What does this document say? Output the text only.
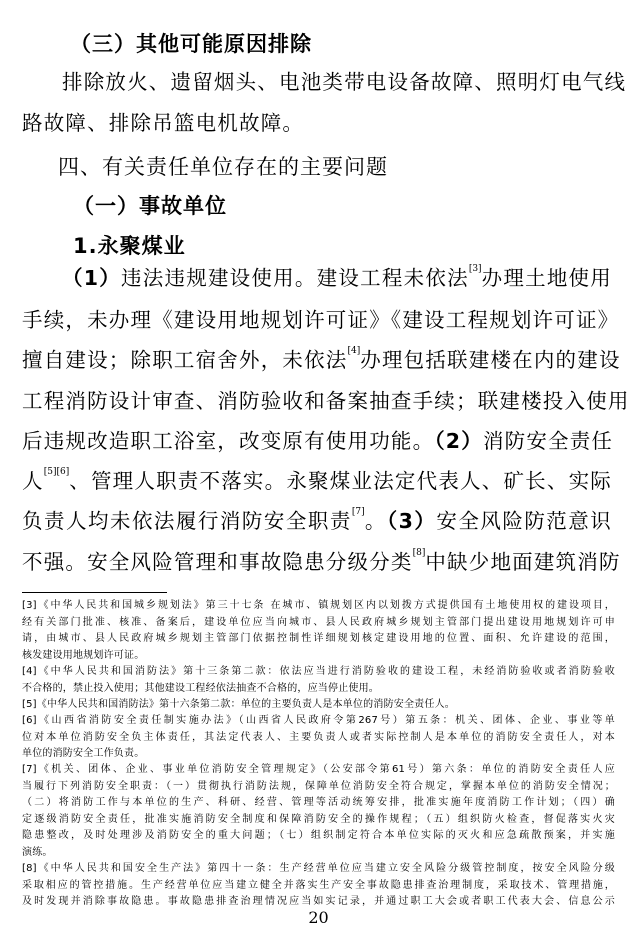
（三）其他可能原因排除
排除放火、遗留烟头、电池类带电设备故障、照明灯电气线
路故障、排除吊篮电机故障。
四、有关责任单位存在的主要问题
（一）事故单位
1.永聚煤业
（1）违法违规建设使用。建设工程未依法[3]办理土地使用
手续，未办理《建设用地规划许可证》《建设工程规划许可证》
擅自建设；除职工宿舍外，未依法[4]办理包括联建楼在内的建设
工程消防设计审查、消防验收和备案抽查手续；联建楼投入使用
后违规改造职工浴室，改变原有使用功能。（2）消防安全责任
人[5][6]、管理人职责不落实。永聚煤业法定代表人、矿长、实际
负责人均未依法履行消防安全职责[7]。（3）安全风险防范意识
不强。安全风险管理和事故隐患分级分类[8]中缺少地面建筑消防
[3]《中华人民共和国城乡规划法》第三十七条 在城市、镇规划区内以划拨方式提供国有土地使用权的建设项目，
经有关部门批准、核准、备案后，建设单位应当向城市、县人民政府城乡规划主管部门提出建设用地规划许可申
请，由城市、县人民政府城乡规划主管部门依据控制性详细规划核定建设用地的位置、面积、允许建设的范围，
核发建设用地规划许可证。
[4]《中华人民共和国消防法》第十三条第二款：依法应当进行消防验收的建设工程，未经消防验收或者消防验收
不合格的，禁止投入使用；其他建设工程经依法抽查不合格的，应当停止使用。
[5]《中华人民共和国消防法》第十六条第二款：单位的主要负责人是本单位的消防安全责任人。
[6]《山西省消防安全责任制实施办法》（山西省人民政府令第267号）第五条：机关、团体、企业、事业等单
位对本单位消防安全负主体责任，其法定代表人、主要负责人或者实际控制人是本单位的消防安全责任人，对本
单位的消防安全工作负责。
[7]《机关、团体、企业、事业单位消防安全管理规定》（公安部令第61号）第六条：单位的消防安全责任人应
当履行下列消防安全职责：（一）贯彻执行消防法规，保障单位消防安全符合规定，掌握本单位的消防安全情况；
（二）将消防工作与本单位的生产、科研、经营、管理等活动统筹安排，批准实施年度消防工作计划；（四）确
定逐级消防安全责任，批准实施消防安全制度和保障消防安全的操作规程；（五）组织防火检查，督促落实火灾
隐患整改，及时处理涉及消防安全的重大问题；（七）组织制定符合本单位实际的灭火和应急疏散预案，并实施
演练。
[8]《中华人民共和国安全生产法》第四十一条：生产经营单位应当建立安全风险分级管控制度，按安全风险分级
采取相应的管控措施。生产经营单位应当建立健全并落实生产安全事故隐患排查治理制度，采取技术、管理措施，
及时发现并消除事故隐患。事故隐患排查治理情况应当如实记录，并通过职工大会或者职工代表大会、信息公示
20
